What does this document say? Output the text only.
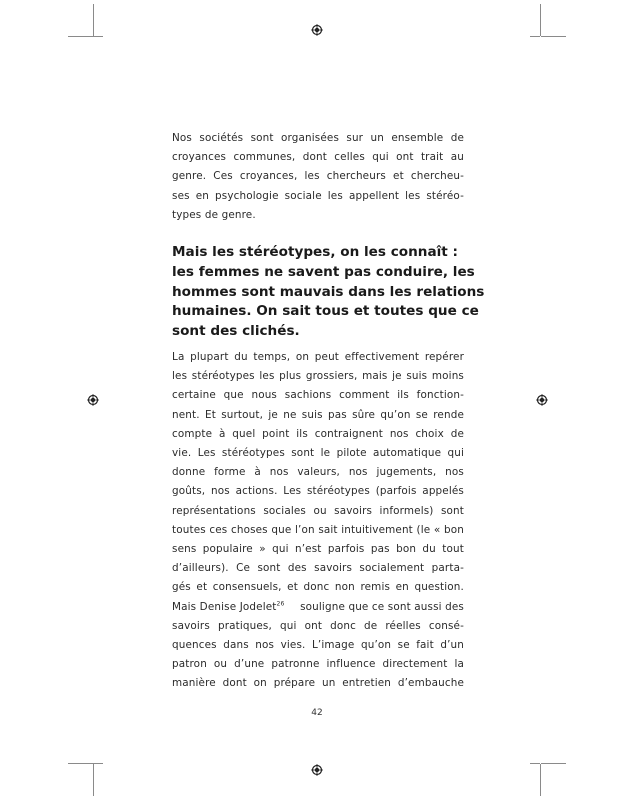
Nos sociétés sont organisées sur un ensemble de
croyances communes, dont celles qui ont trait au
genre. Ces croyances, les chercheurs et chercheu-
ses en psychologie sociale les appellent les stéréo-
types de genre.
Mais les stéréotypes, on les connaît :
les femmes ne savent pas conduire, les
hommes sont mauvais dans les relations
humaines. On sait tous et toutes que ce
sont des clichés.
La plupart du temps, on peut effectivement repérer
les stéréotypes les plus grossiers, mais je suis moins
certaine que nous sachions comment ils fonction-
nent. Et surtout, je ne suis pas sûre qu’on se rende
compte à quel point ils contraignent nos choix de
vie. Les stéréotypes sont le pilote automatique qui
donne forme à nos valeurs, nos jugements, nos
goûts, nos actions. Les stéréotypes (parfois appelés
représentations sociales ou savoirs informels) sont
toutes ces choses que l’on sait intuitivement (le « bon
sens populaire » qui n’est parfois pas bon du tout
d’ailleurs). Ce sont des savoirs socialement parta-
gés et consensuels, et donc non remis en question.
Mais Denise Jodelet$^{26}$ souligne que ce sont aussi des
savoirs pratiques, qui ont donc de réelles consé-
quences dans nos vies. L’image qu’on se fait d’un
patron ou d’une patronne influence directement la
manière dont on prépare un entretien d’embauche
42
